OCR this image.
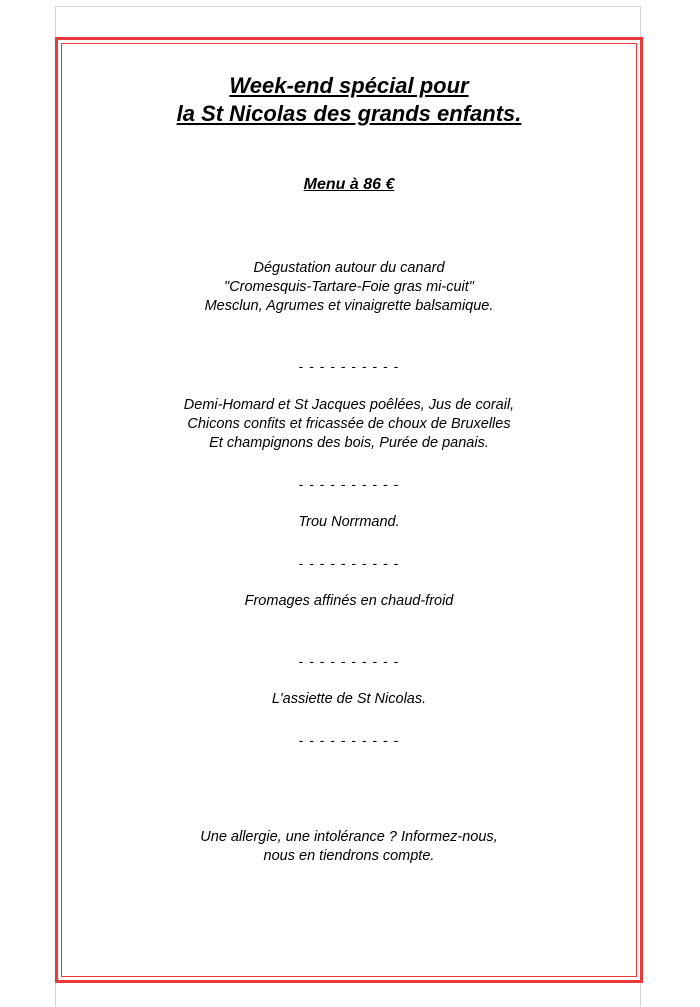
Week-end spécial pour
la St Nicolas des grands enfants.
Menu à 86 €
Dégustation autour du canard
"Cromesquis-Tartare-Foie gras mi-cuit"
Mesclun, Agrumes et vinaigrette balsamique.
- - - - - - - - - -
Demi-Homard et St Jacques poêlées, Jus de corail,
Chicons confits et fricassée de choux de Bruxelles
Et champignons des bois, Purée de panais.
- - - - - - - - - -
Trou Norrmand.
- - - - - - - - - -
Fromages affinés en chaud-froid
- - - - - - - - - -
L'assiette de St Nicolas.
- - - - - - - - - -
Une allergie, une intolérance ? Informez-nous,
nous en tiendrons compte.
